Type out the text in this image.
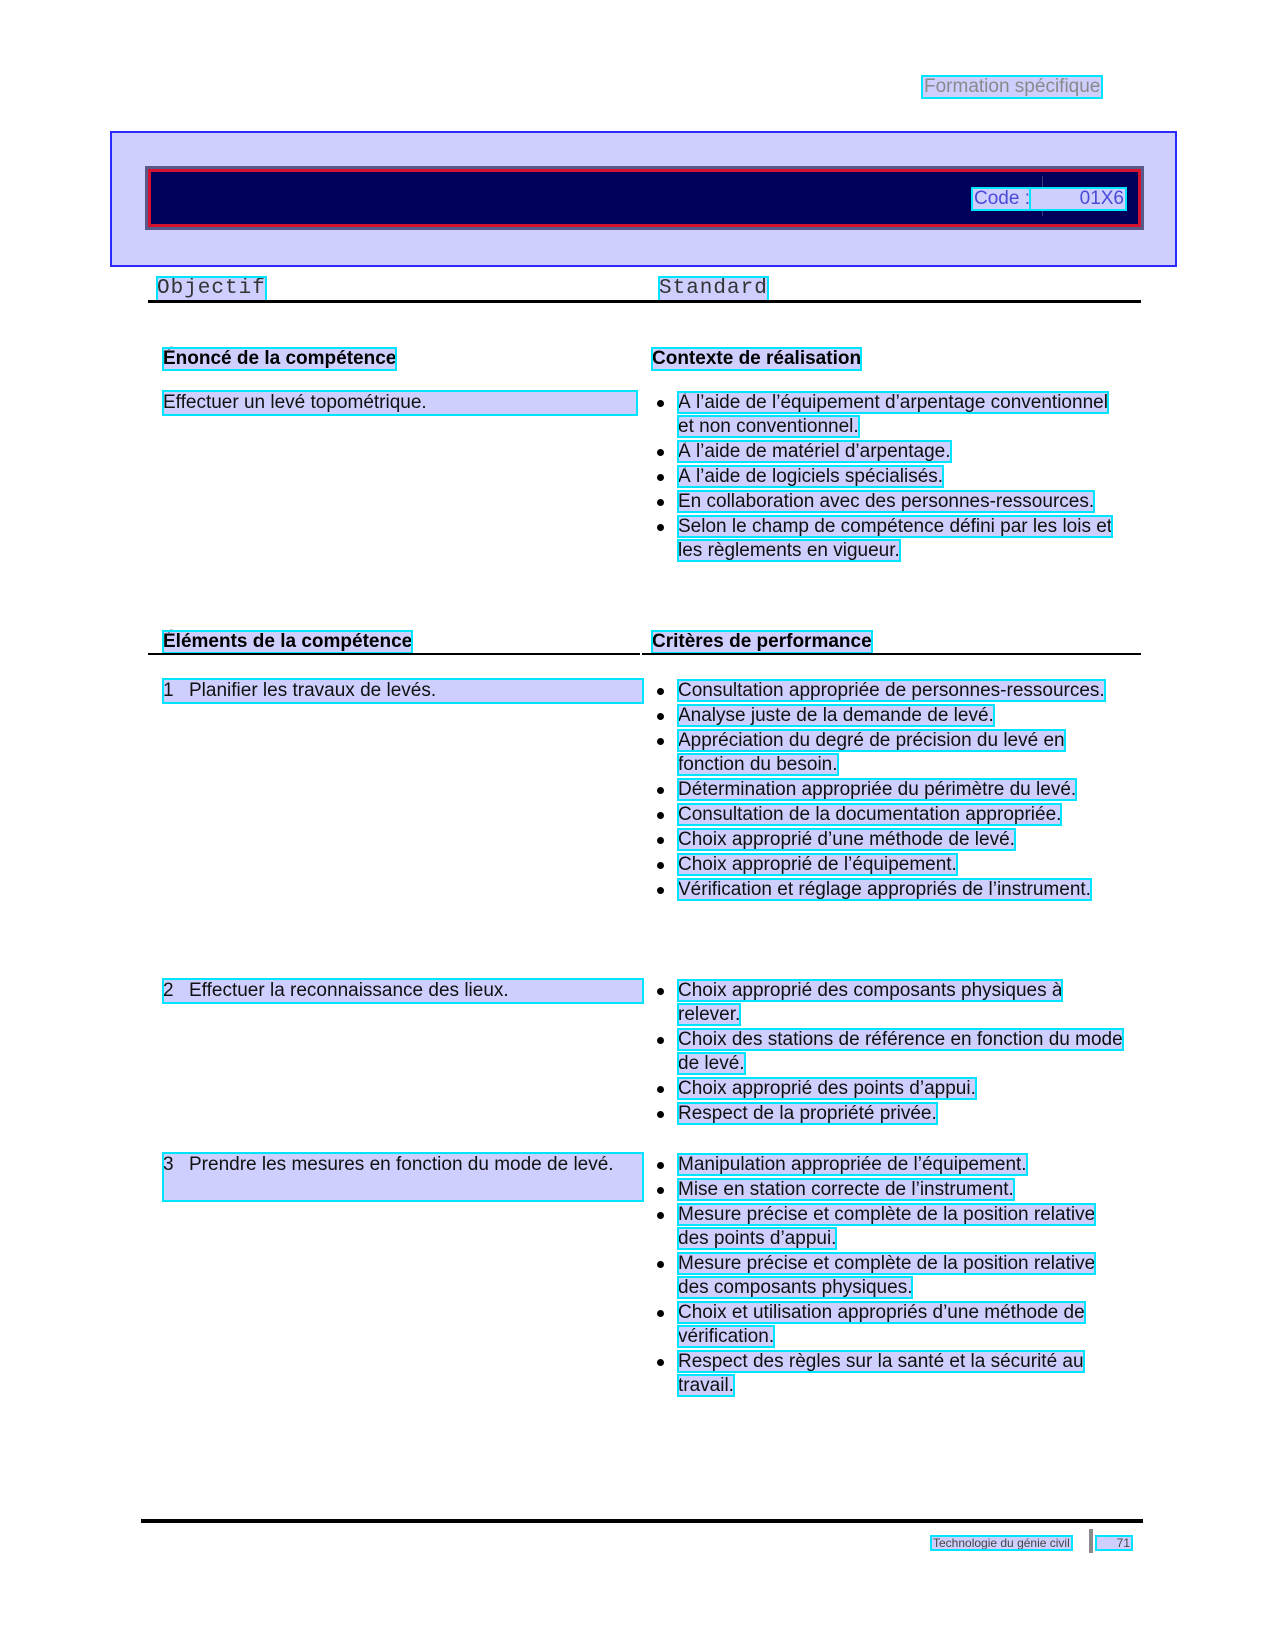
Formation spécifique
Code :	01X6
Objectif	Standard
Énoncé de la compétence	Contexte de réalisation
Effectuer un levé topométrique.	À l’aide de l’équipement d’arpentage conventionnel et non conventionnel.
À l’aide de matériel d’arpentage.
À l’aide de logiciels spécialisés.
En collaboration avec des personnes-ressources.
Selon le champ de compétence défini par les lois et les règlements en vigueur.
Éléments de la compétence	Critères de performance
1 Planifier les travaux de levés.	Consultation appropriée de personnes-ressources.
Analyse juste de la demande de levé.
Appréciation du degré de précision du levé en fonction du besoin.
Détermination appropriée du périmètre du levé.
Consultation de la documentation appropriée.
Choix approprié d’une méthode de levé.
Choix approprié de l’équipement.
Vérification et réglage appropriés de l’instrument.
2 Effectuer la reconnaissance des lieux.	Choix approprié des composants physiques à relever.
Choix des stations de référence en fonction du mode de levé.
Choix approprié des points d’appui.
Respect de la propriété privée.
3 Prendre les mesures en fonction du mode de levé.	Manipulation appropriée de l’équipement.
Mise en station correcte de l’instrument.
Mesure précise et complète de la position relative des points d’appui.
Mesure précise et complète de la position relative des composants physiques.
Choix et utilisation appropriés d’une méthode de vérification.
Respect des règles sur la santé et la sécurité au travail.
Technologie du génie civil	71
